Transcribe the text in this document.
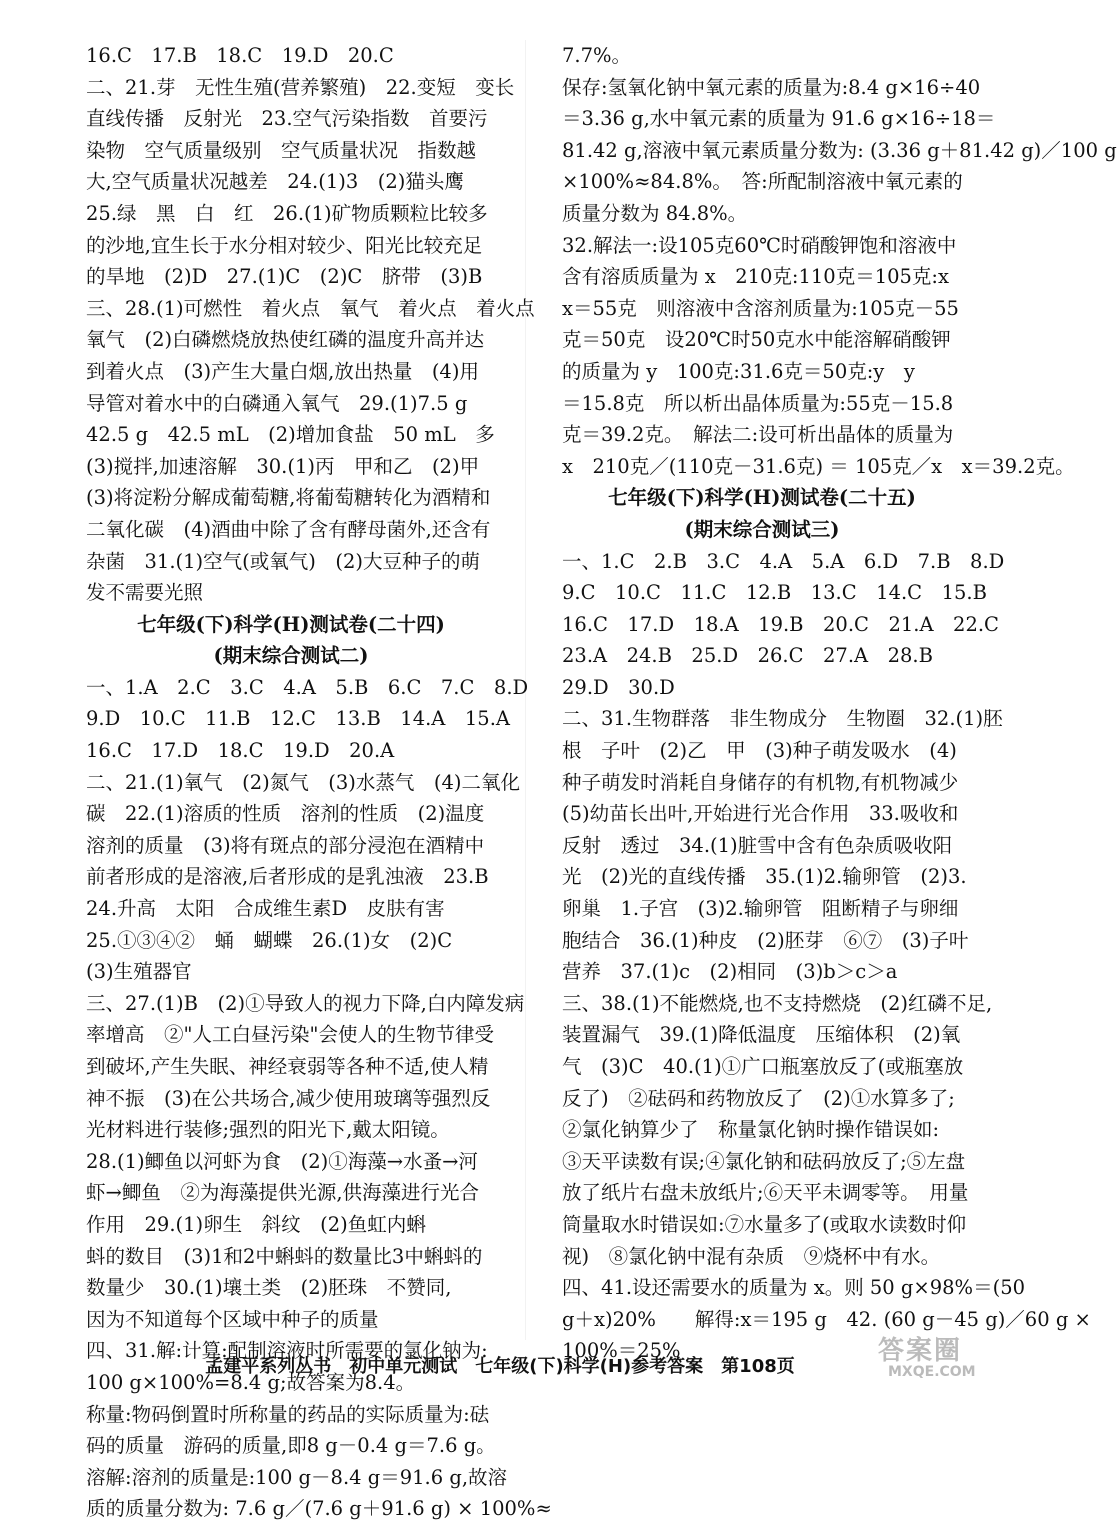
16.C　17.B　18.C　19.D　20.C
二、21.芽　无性生殖(营养繁殖)　22.变短　变长
直线传播　反射光　23.空气污染指数　首要污
染物　空气质量级别　空气质量状况　指数越
大,空气质量状况越差　24.(1)3　(2)猫头鹰
25.绿　黑　白　红　26.(1)矿物质颗粒比较多
的沙地,宜生长于水分相对较少、阳光比较充足
的旱地　(2)D　27.(1)C　(2)C　脐带　(3)B
三、28.(1)可燃性　着火点　氧气　着火点　着火点
氧气　(2)白磷燃烧放热使红磷的温度升高并达
到着火点　(3)产生大量白烟,放出热量　(4)用
导管对着水中的白磷通入氧气　29.(1)7.5 g
42.5 g　42.5 mL　(2)增加食盐　50 mL　多
(3)搅拌,加速溶解　30.(1)丙　甲和乙　(2)甲
(3)将淀粉分解成葡萄糖,将葡萄糖转化为酒精和
二氧化碳　(4)酒曲中除了含有酵母菌外,还含有
杂菌　31.(1)空气(或氧气)　(2)大豆种子的萌
发不需要光照
七年级(下)科学(H)测试卷(二十四)
(期末综合测试二)
一、1.A　2.C　3.C　4.A　5.B　6.C　7.C　8.D
9.D　10.C　11.B　12.C　13.B　14.A　15.A
16.C　17.D　18.C　19.D　20.A
二、21.(1)氧气　(2)氮气　(3)水蒸气　(4)二氧化
碳　22.(1)溶质的性质　溶剂的性质　(2)温度
溶剂的质量　(3)将有斑点的部分浸泡在酒精中
前者形成的是溶液,后者形成的是乳浊液　23.B
24.升高　太阳　合成维生素D　皮肤有害
25.①③④②　蛹　蝴蝶　26.(1)女　(2)C
(3)生殖器官
三、27.(1)B　(2)①导致人的视力下降,白内障发病
率增高　②"人工白昼污染"会使人的生物节律受
到破坏,产生失眠、神经衰弱等各种不适,使人精
神不振　(3)在公共场合,减少使用玻璃等强烈反
光材料进行装修;强烈的阳光下,戴太阳镜。
28.(1)鲫鱼以河虾为食　(2)①海藻→水蚤→河
虾→鲫鱼　②为海藻提供光源,供海藻进行光合
作用　29.(1)卵生　斜纹　(2)鱼虹内蝌
蚪的数目　(3)1和2中蝌蚪的数量比3中蝌蚪的
数量少　30.(1)壤土类　(2)胚珠　不赞同,
因为不知道每个区域中种子的质量
四、31.解:计算:配制溶液时所需要的氯化钠为:
100 g×100%=8.4 g;故答案为8.4。
称量:物码倒置时所称量的药品的实际质量为:砝
码的质量　游码的质量,即8 g－0.4 g＝7.6 g。
溶解:溶剂的质量是:100 g－8.4 g＝91.6 g,故溶
质的质量分数为: 7.6 g／(7.6 g＋91.6 g) × 100%≈
7.7%。
保存:氢氧化钠中氧元素的质量为:8.4 g×16÷40
＝3.36 g,水中氧元素的质量为 91.6 g×16÷18＝
81.42 g,溶液中氧元素质量分数为: (3.36 g＋81.42 g)／100 g
×100%≈84.8%。　答:所配制溶液中氧元素的
质量分数为 84.8%。
32.解法一:设105克60℃时硝酸钾饱和溶液中
含有溶质质量为 x　210克:110克＝105克:x
x＝55克　则溶液中含溶剂质量为:105克－55
克＝50克　设20℃时50克水中能溶解硝酸钾
的质量为 y　100克:31.6克＝50克:y　y
＝15.8克　所以析出晶体质量为:55克－15.8
克＝39.2克。　解法二:设可析出晶体的质量为
x　210克／(110克－31.6克) ＝ 105克／x　x＝39.2克。
七年级(下)科学(H)测试卷(二十五)
(期末综合测试三)
一、1.C　2.B　3.C　4.A　5.A　6.D　7.B　8.D
9.C　10.C　11.C　12.B　13.C　14.C　15.B
16.C　17.D　18.A　19.B　20.C　21.A　22.C
23.A　24.B　25.D　26.C　27.A　28.B
29.D　30.D
二、31.生物群落　非生物成分　生物圈　32.(1)胚
根　子叶　(2)乙　甲　(3)种子萌发吸水　(4)
种子萌发时消耗自身储存的有机物,有机物减少
(5)幼苗长出叶,开始进行光合作用　33.吸收和
反射　透过　34.(1)脏雪中含有色杂质吸收阳
光　(2)光的直线传播　35.(1)2.输卵管　(2)3.
卵巢　1.子宫　(3)2.输卵管　阻断精子与卵细
胞结合　36.(1)种皮　(2)胚芽　⑥⑦　(3)子叶
营养　37.(1)c　(2)相同　(3)b＞c＞a
三、38.(1)不能燃烧,也不支持燃烧　(2)红磷不足,
装置漏气　39.(1)降低温度　压缩体积　(2)氧
气　(3)C　40.(1)①广口瓶塞放反了(或瓶塞放
反了)　②砝码和药物放反了　(2)①水算多了;
②氯化钠算少了　称量氯化钠时操作错误如:
③天平读数有误;④氯化钠和砝码放反了;⑤左盘
放了纸片右盘未放纸片;⑥天平未调零等。　用量
筒量取水时错误如:⑦水量多了(或取水读数时仰
视)　⑧氯化钠中混有杂质　⑨烧杯中有水。
四、41.设还需要水的质量为 x。则 50 g×98%＝(50
g＋x)20%　　解得:x＝195 g　42. (60 g－45 g)／60 g ×
100%＝25%
孟建平系列丛书　初中单元测试　七年级(下)科学(H)参考答案　第108页
答案圈
MXQE.COM
